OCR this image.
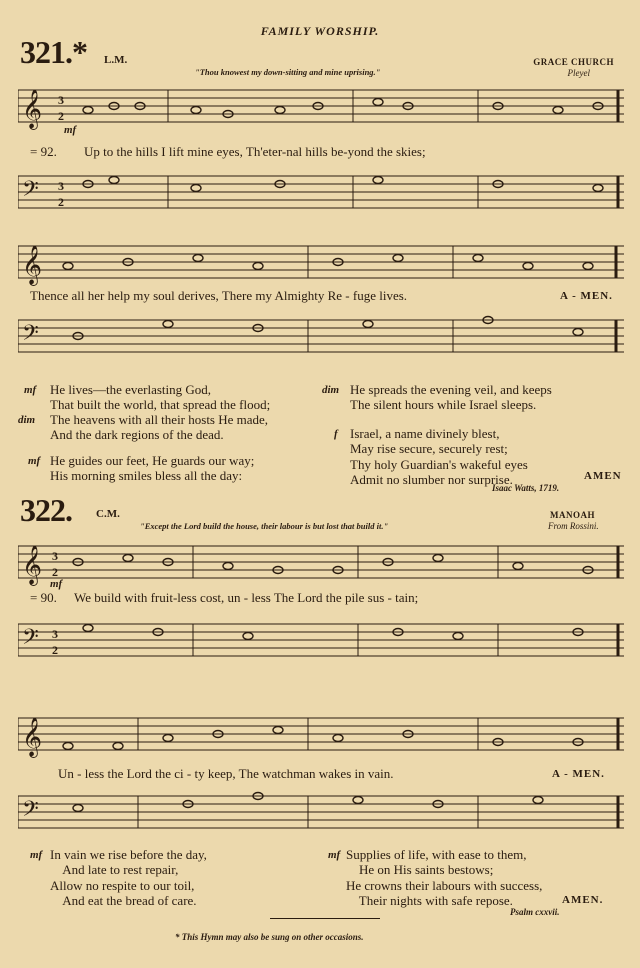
FAMILY WORSHIP.
321.* L.M.	GRACE CHURCH
Pleyel
"Thou knowest my down-sitting and mine uprising."
𝄞 3
2
mf
= 92. Up to the hills I lift mine eyes, Th'eter-nal hills be-yond the skies;
𝄢 3
2
𝄞
Thence all her help my soul derives, There my Almighty Re - fuge lives.	A - MEN.
𝄢
mf He lives—the everlasting God,
That built the world, that spread the flood;
dim The heavens with all their hosts He made,
And the dark regions of the dead.
mf He guides our feet, He guards our way;
His morning smiles bless all the day:
dim He spreads the evening veil, and keeps
The silent hours while Israel sleeps.
f Israel, a name divinely blest,
May rise secure, securely rest;
Thy holy Guardian's wakeful eyes
Admit no slumber nor surprise.	AMEN
Isaac Watts, 1719.
322. C.M.	MANOAH
From Rossini.
"Except the Lord build the house, their labour is but lost that build it."
𝄞 3
2
mf
= 90. We build with fruit-less cost, un - less The Lord the pile sus - tain;
𝄢 3
2
𝄞
Un - less the Lord the ci - ty keep, The watchman wakes in vain.	A - MEN.
𝄢
mf In vain we rise before the day,
And late to rest repair,
Allow no respite to our toil,
And eat the bread of care.
mf Supplies of life, with ease to them,
He on His saints bestows;
He crowns their labours with success,
Their nights with safe repose.	AMEN.
Psalm cxxvii.
* This Hymn may also be sung on other occasions.
